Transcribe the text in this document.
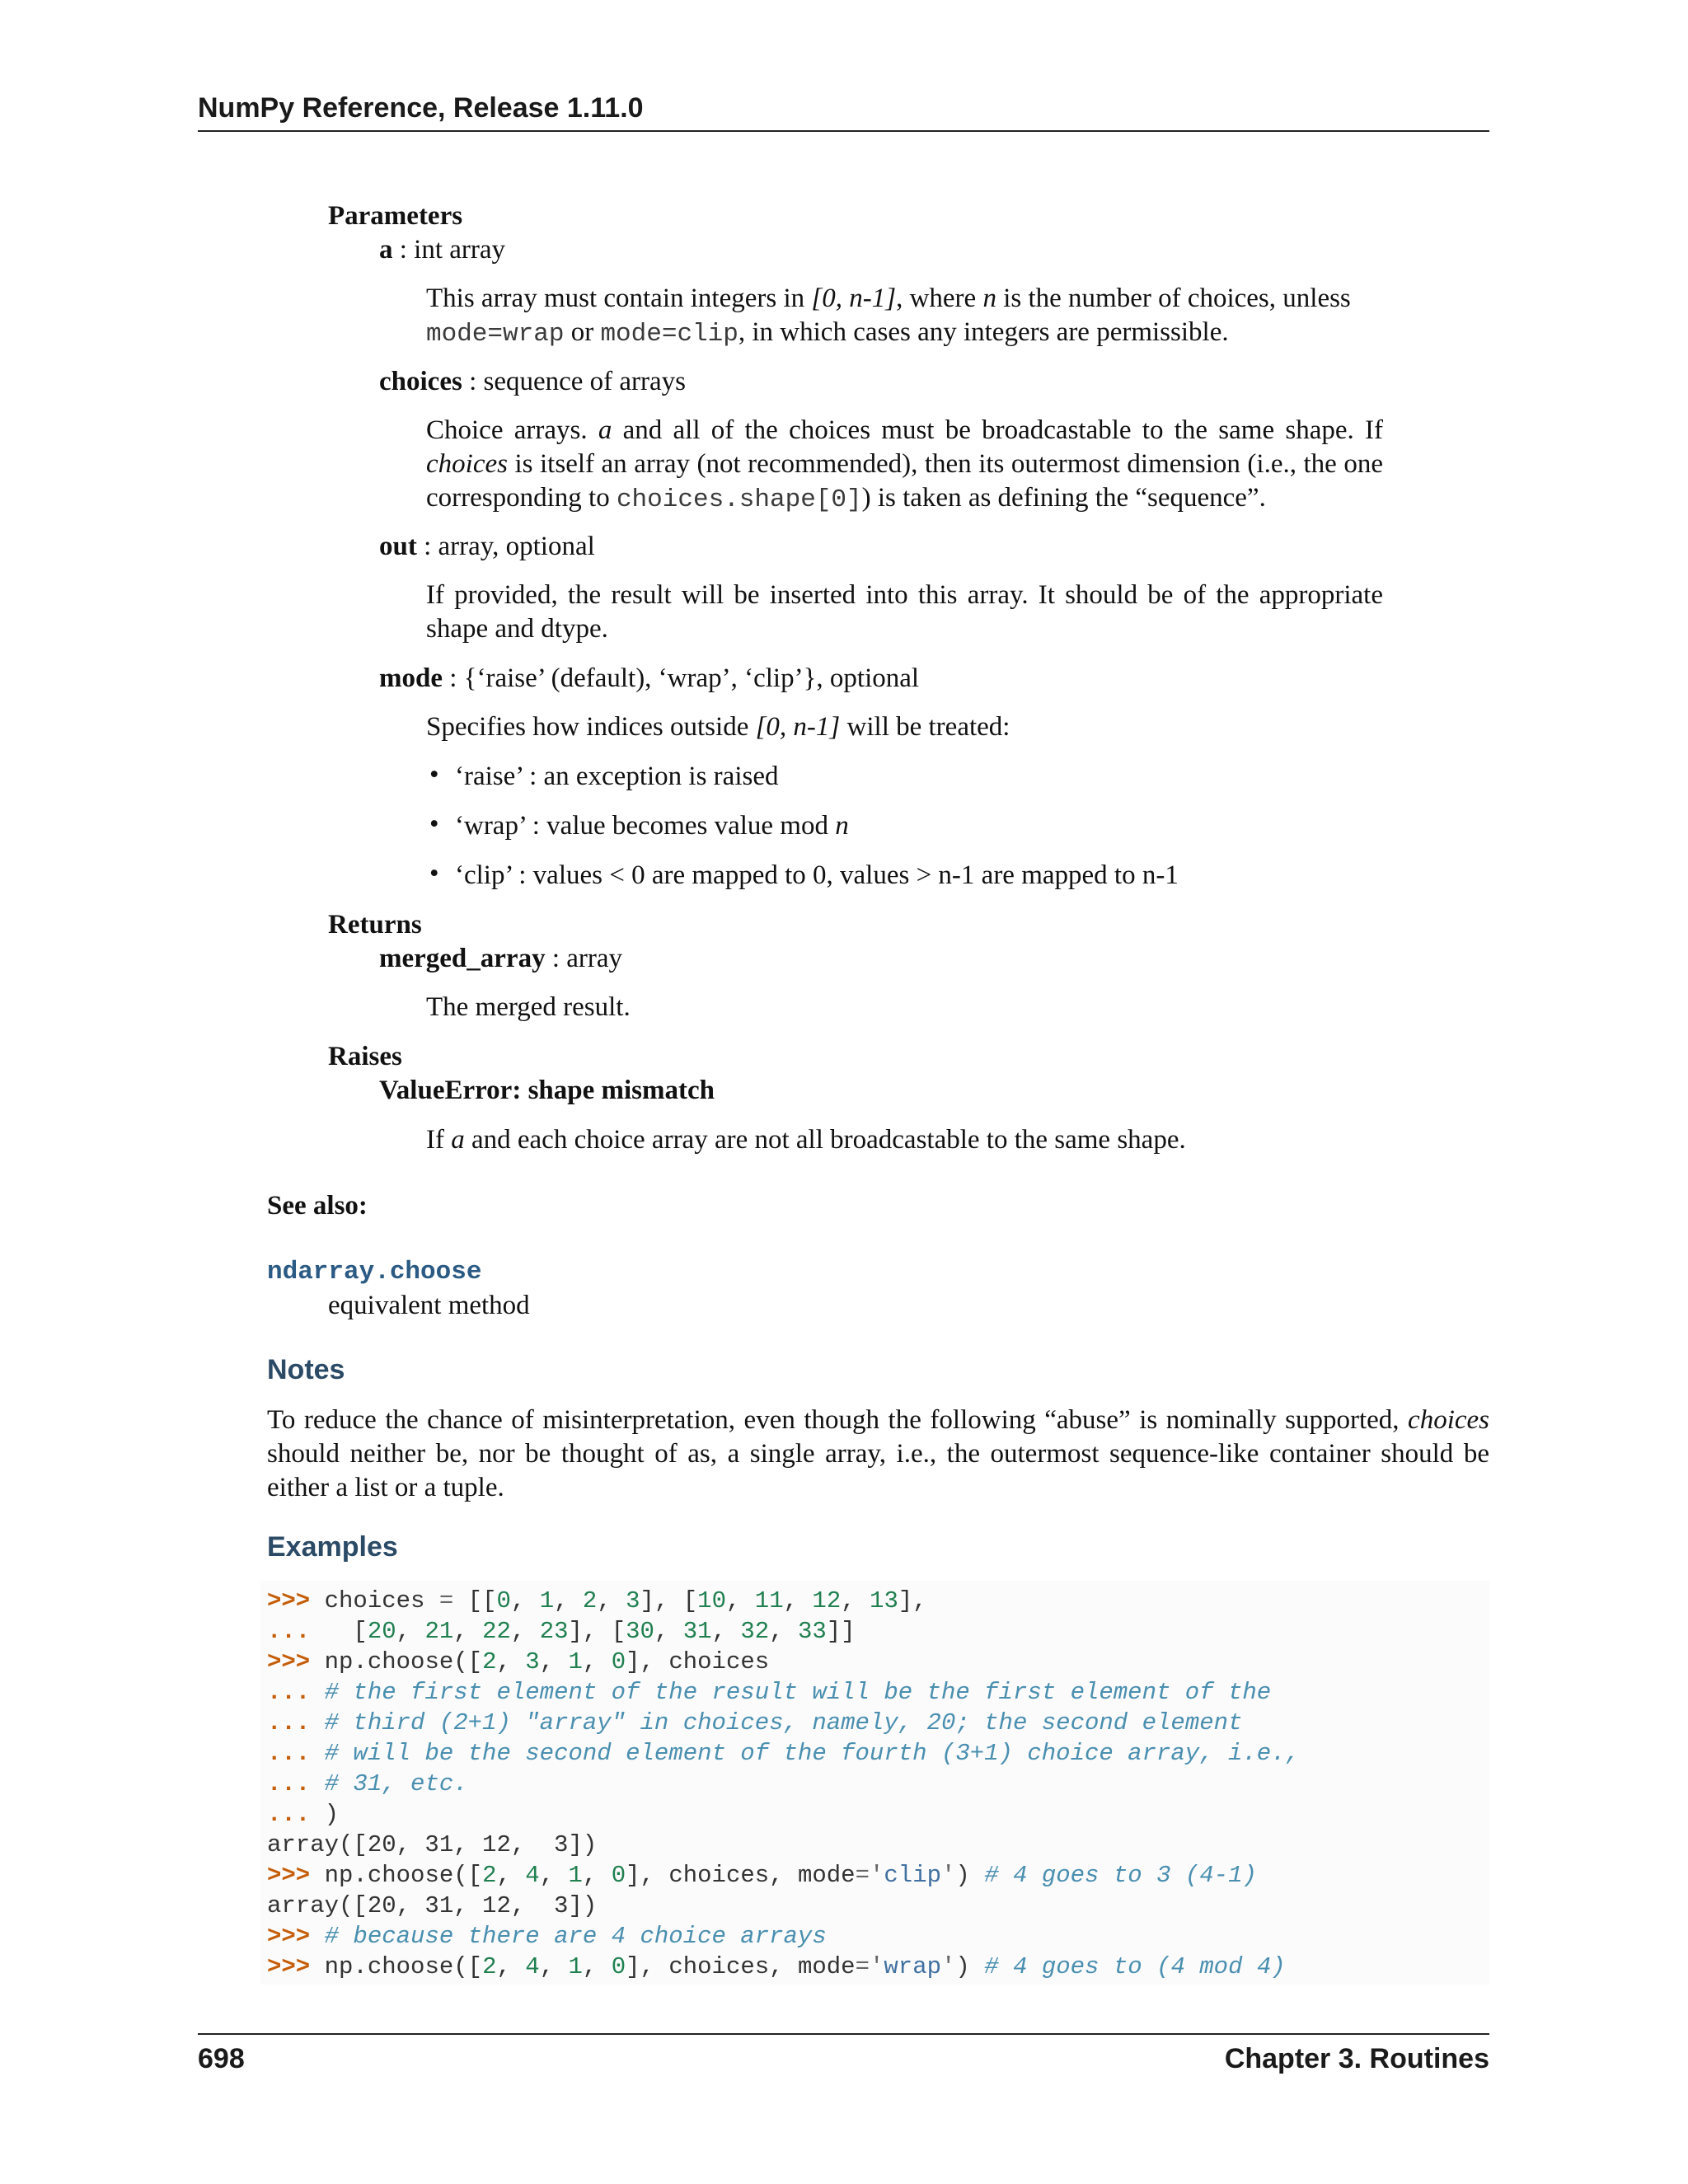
NumPy Reference, Release 1.11.0
Parameters
a : int array
This array must contain integers in [0, n-1], where n is the number of choices, unless
mode=wrap or mode=clip, in which cases any integers are permissible.
choices : sequence of arrays
Choice arrays. a and all of the choices must be broadcastable to the same shape. If
choices is itself an array (not recommended), then its outermost dimension (i.e., the one
corresponding to choices.shape[0]) is taken as defining the “sequence”.
out : array, optional
If provided, the result will be inserted into this array. It should be of the appropriate
shape and dtype.
mode : {‘raise’ (default), ‘wrap’, ‘clip’}, optional
Specifies how indices outside [0, n-1] will be treated:
• ‘raise’ : an exception is raised
• ‘wrap’ : value becomes value mod n
• ‘clip’ : values < 0 are mapped to 0, values > n-1 are mapped to n-1
Returns
merged_array : array
The merged result.
Raises
ValueError: shape mismatch
If a and each choice array are not all broadcastable to the same shape.
See also:
ndarray.choose
equivalent method
Notes
To reduce the chance of misinterpretation, even though the following “abuse” is nominally supported, choices should neither be, nor be thought of as, a single array, i.e., the outermost sequence-like container should be either a list or a tuple.
Examples
>>> choices = [[0, 1, 2, 3], [10, 11, 12, 13],
...   [20, 21, 22, 23], [30, 31, 32, 33]]
>>> np.choose([2, 3, 1, 0], choices
... # the first element of the result will be the first element of the
... # third (2+1) "array" in choices, namely, 20; the second element
... # will be the second element of the fourth (3+1) choice array, i.e.,
... # 31, etc.
... )
array([20, 31, 12,  3])
>>> np.choose([2, 4, 1, 0], choices, mode='clip') # 4 goes to 3 (4-1)
array([20, 31, 12,  3])
>>> # because there are 4 choice arrays
>>> np.choose([2, 4, 1, 0], choices, mode='wrap') # 4 goes to (4 mod 4)
698	Chapter 3. Routines
